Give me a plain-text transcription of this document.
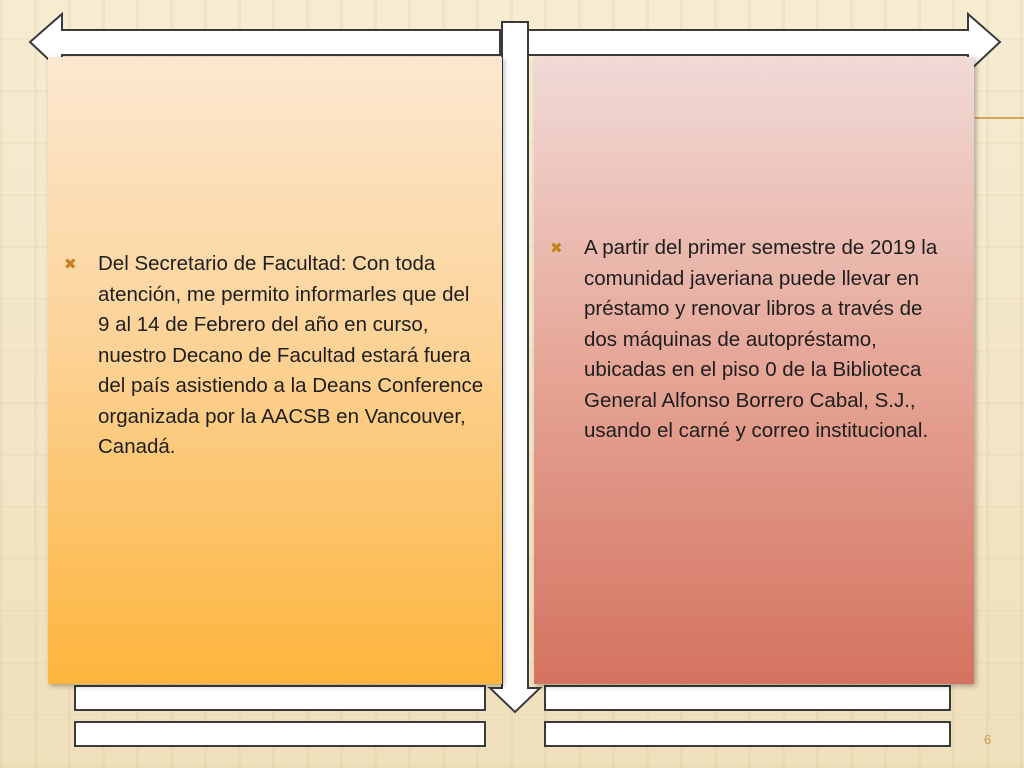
✖	Del Secretario de Facultad: Con toda atención, me permito informarles que del 9 al 14 de Febrero del año en curso, nuestro Decano de Facultad estará fuera del país asistiendo a la Deans Conference organizada por la AACSB en Vancouver, Canadá.
✖	A partir del primer semestre de 2019 la comunidad javeriana puede llevar en préstamo y renovar libros a través de dos máquinas de autopréstamo, ubicadas en el piso 0 de la Biblioteca General Alfonso Borrero Cabal, S.J., usando el carné y correo institucional.
6
